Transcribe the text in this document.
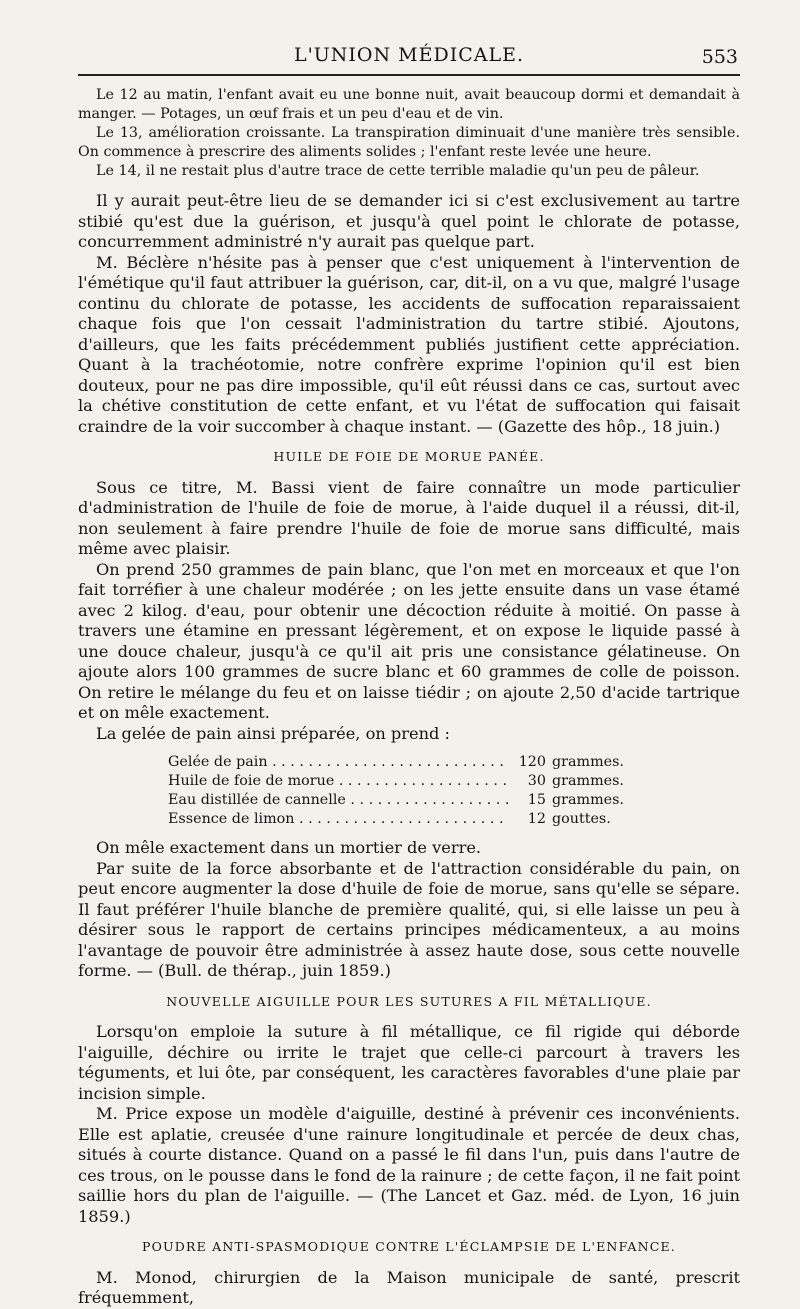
L'UNION MÉDICALE.	553

Le 12 au matin, l'enfant avait eu une bonne nuit, avait beaucoup dormi et demandait à manger. — Potages, un œuf frais et un peu d'eau et de vin.

Le 13, amélioration croissante. La transpiration diminuait d'une manière très sensible. On commence à prescrire des aliments solides ; l'enfant reste levée une heure.

Le 14, il ne restait plus d'autre trace de cette terrible maladie qu'un peu de pâleur.

Il y aurait peut-être lieu de se demander ici si c'est exclusivement au tartre stibié qu'est due la guérison, et jusqu'à quel point le chlorate de potasse, concurremment administré n'y aurait pas quelque part.

M. Béclère n'hésite pas à penser que c'est uniquement à l'intervention de l'émétique qu'il faut attribuer la guérison, car, dit-il, on a vu que, malgré l'usage continu du chlorate de potasse, les accidents de suffocation reparaissaient chaque fois que l'on cessait l'administration du tartre stibié. Ajoutons, d'ailleurs, que les faits précédemment publiés justifient cette appréciation. Quant à la trachéotomie, notre confrère exprime l'opinion qu'il est bien douteux, pour ne pas dire impossible, qu'il eût réussi dans ce cas, surtout avec la chétive constitution de cette enfant, et vu l'état de suffocation qui faisait craindre de la voir succomber à chaque instant. — (Gazette des hôp., 18 juin.)

HUILE DE FOIE DE MORUE PANÉE.

Sous ce titre, M. Bassi vient de faire connaître un mode particulier d'administration de l'huile de foie de morue, à l'aide duquel il a réussi, dit-il, non seulement à faire prendre l'huile de foie de morue sans difficulté, mais même avec plaisir.

On prend 250 grammes de pain blanc, que l'on met en morceaux et que l'on fait torréfier à une chaleur modérée ; on les jette ensuite dans un vase étamé avec 2 kilog. d'eau, pour obtenir une décoction réduite à moitié. On passe à travers une étamine en pressant légèrement, et on expose le liquide passé à une douce chaleur, jusqu'à ce qu'il ait pris une consistance gélatineuse. On ajoute alors 100 grammes de sucre blanc et 60 grammes de colle de poisson. On retire le mélange du feu et on laisse tiédir ; on ajoute 2,50 d'acide tartrique et on mêle exactement.

La gelée de pain ainsi préparée, on prend :

Gelée de pain . . .	120 grammes.
Huile de foie de morue . . .	30 grammes.
Eau distillée de cannelle . . .	15 grammes.
Essence de limon . . .	12 gouttes.

On mêle exactement dans un mortier de verre.

Par suite de la force absorbante et de l'attraction considérable du pain, on peut encore augmenter la dose d'huile de foie de morue, sans qu'elle se sépare. Il faut préférer l'huile blanche de première qualité, qui, si elle laisse un peu à désirer sous le rapport de certains principes médicamenteux, a au moins l'avantage de pouvoir être administrée à assez haute dose, sous cette nouvelle forme. — (Bull. de thérap., juin 1859.)

NOUVELLE AIGUILLE POUR LES SUTURES A FIL MÉTALLIQUE.

Lorsqu'on emploie la suture à fil métallique, ce fil rigide qui déborde l'aiguille, déchire ou irrite le trajet que celle-ci parcourt à travers les téguments, et lui ôte, par conséquent, les caractères favorables d'une plaie par incision simple.

M. Price expose un modèle d'aiguille, destiné à prévenir ces inconvénients. Elle est aplatie, creusée d'une rainure longitudinale et percée de deux chas, situés à courte distance. Quand on a passé le fil dans l'un, puis dans l'autre de ces trous, on le pousse dans le fond de la rainure ; de cette façon, il ne fait point saillie hors du plan de l'aiguille. — (The Lancet et Gaz. méd. de Lyon, 16 juin 1859.)

POUDRE ANTI-SPASMODIQUE CONTRE L'ÉCLAMPSIE DE L'ENFANCE.

M. Monod, chirurgien de la Maison municipale de santé, prescrit fréquemment,
